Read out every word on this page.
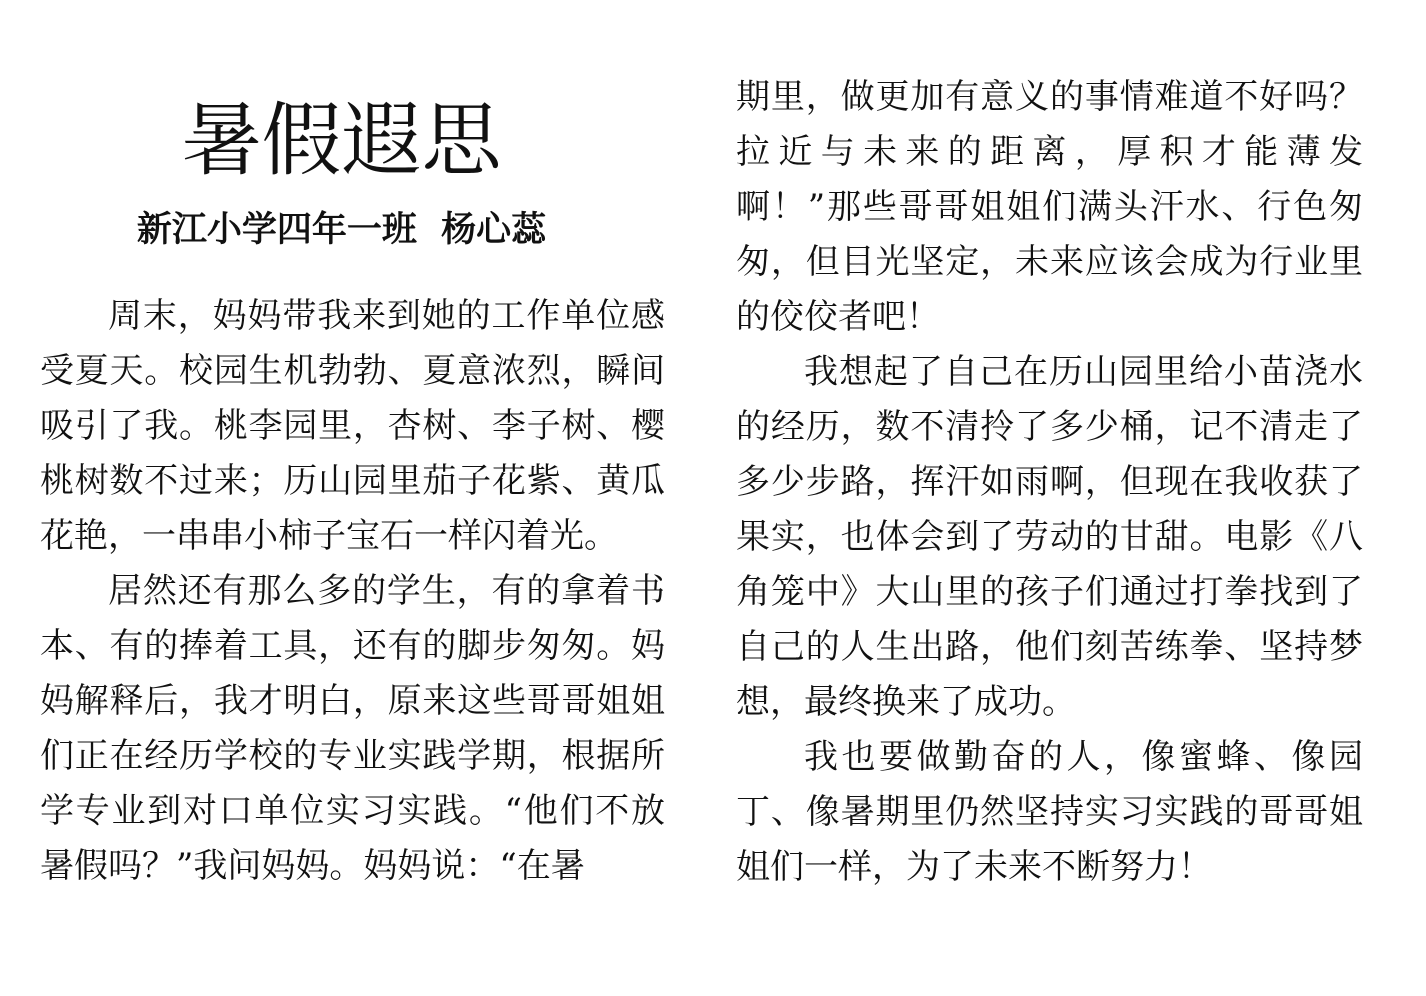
暑假遐思
新江小学四年一班  杨心蕊

周末，妈妈带我来到她的工作单位感受夏天。校园生机勃勃、夏意浓烈，瞬间吸引了我。桃李园里，杏树、李子树、樱桃树数不过来；历山园里茄子花紫、黄瓜花艳，一串串小柿子宝石一样闪着光。

居然还有那么多的学生，有的拿着书本、有的捧着工具，还有的脚步匆匆。妈妈解释后，我才明白，原来这些哥哥姐姐们正在经历学校的专业实践学期，根据所学专业到对口单位实习实践。“他们不放暑假吗？”我问妈妈。妈妈说：“在暑

期里，做更加有意义的事情难道不好吗？拉近与未来的距离，厚积才能薄发啊！”那些哥哥姐姐们满头汗水、行色匆匆，但目光坚定，未来应该会成为行业里的佼佼者吧！

我想起了自己在历山园里给小苗浇水的经历，数不清拎了多少桶，记不清走了多少步路，挥汗如雨啊，但现在我收获了果实，也体会到了劳动的甘甜。电影《八角笼中》大山里的孩子们通过打拳找到了自己的人生出路，他们刻苦练拳、坚持梦想，最终换来了成功。

我也要做勤奋的人，像蜜蜂、像园丁、像暑期里仍然坚持实习实践的哥哥姐姐们一样，为了未来不断努力！
